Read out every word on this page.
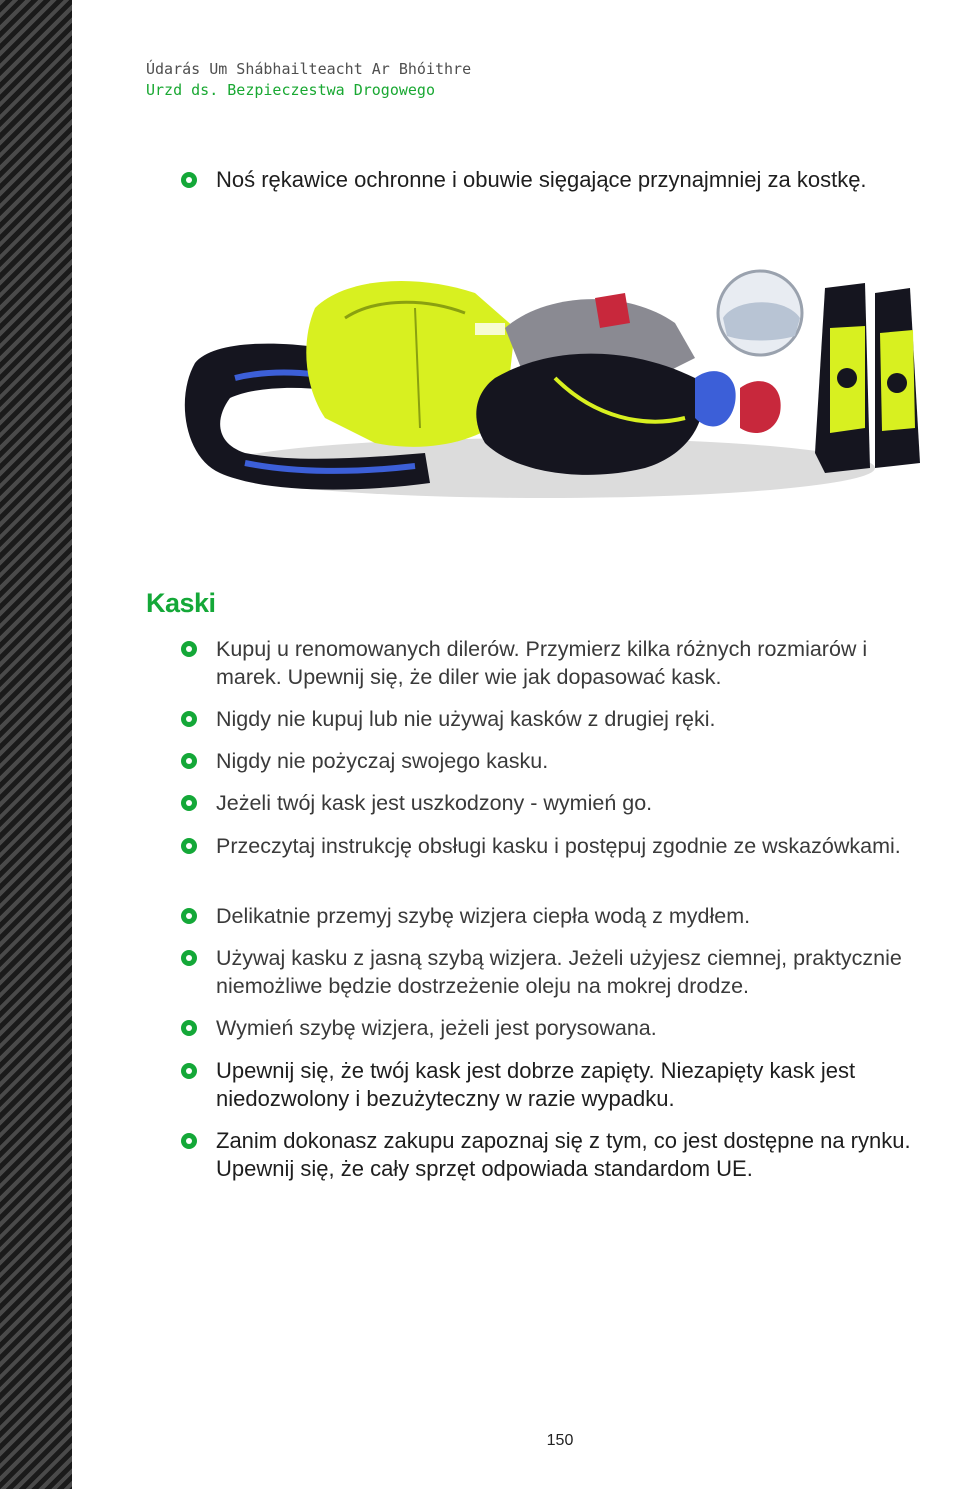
Údarás Um Shábhailteacht Ar Bhóithre
Urzd ds. Bezpieczestwa Drogowego
Noś rękawice ochronne i obuwie sięgające przynajmniej za kostkę.
Kaski
Kupuj u renomowanych dilerów. Przymierz kilka różnych rozmiarów i marek. Upewnij się, że diler wie jak dopasować kask.
Nigdy nie kupuj lub nie używaj kasków z drugiej ręki.
Nigdy nie pożyczaj swojego kasku.
Jeżeli twój kask jest uszkodzony - wymień go.
Przeczytaj instrukcję obsługi kasku i postępuj zgodnie ze wskazówkami.
Delikatnie przemyj szybę wizjera ciepła wodą z mydłem.
Używaj kasku z jasną szybą wizjera. Jeżeli użyjesz ciemnej, praktycznie niemożliwe będzie dostrzeżenie oleju na mokrej drodze.
Wymień szybę wizjera, jeżeli jest porysowana.
Upewnij się, że twój kask jest dobrze zapięty. Niezapięty kask jest niedozwolony i bezużyteczny w razie wypadku.
Zanim dokonasz zakupu zapoznaj się z tym, co jest dostępne na rynku. Upewnij się, że cały sprzęt odpowiada standardom UE.
150
